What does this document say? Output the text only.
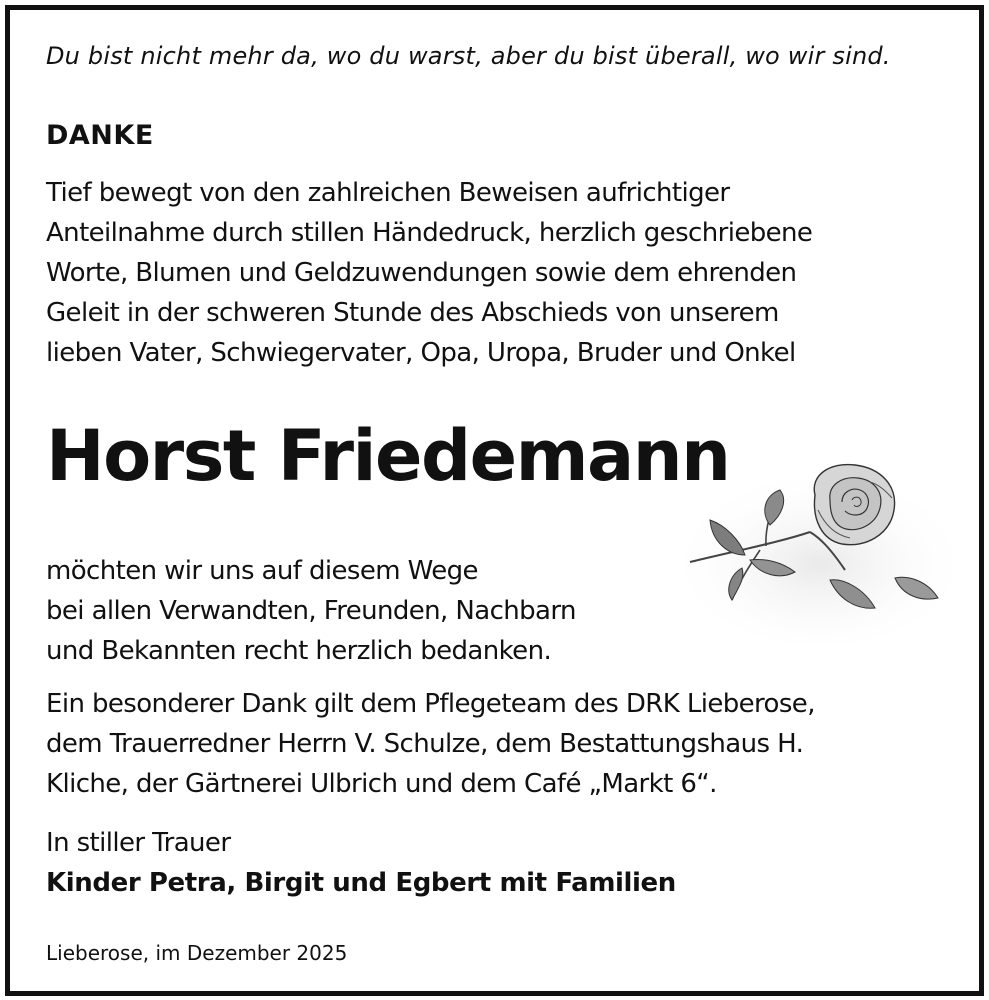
Du bist nicht mehr da, wo du warst, aber du bist überall, wo wir sind.
DANKE
Tief bewegt von den zahlreichen Beweisen aufrichtiger
Anteilnahme durch stillen Händedruck, herzlich geschriebene
Worte, Blumen und Geldzuwendungen sowie dem ehrenden
Geleit in der schweren Stunde des Abschieds von unserem
lieben Vater, Schwiegervater, Opa, Uropa, Bruder und Onkel
Horst Friedemann
möchten wir uns auf diesem Wege
bei allen Verwandten, Freunden, Nachbarn
und Bekannten recht herzlich bedanken.
Ein besonderer Dank gilt dem Pflegeteam des DRK Lieberose,
dem Trauerredner Herrn V. Schulze, dem Bestattungshaus H.
Kliche, der Gärtnerei Ulbrich und dem Café „Markt 6“.
In stiller Trauer
Kinder Petra, Birgit und Egbert mit Familien
Lieberose, im Dezember 2025
